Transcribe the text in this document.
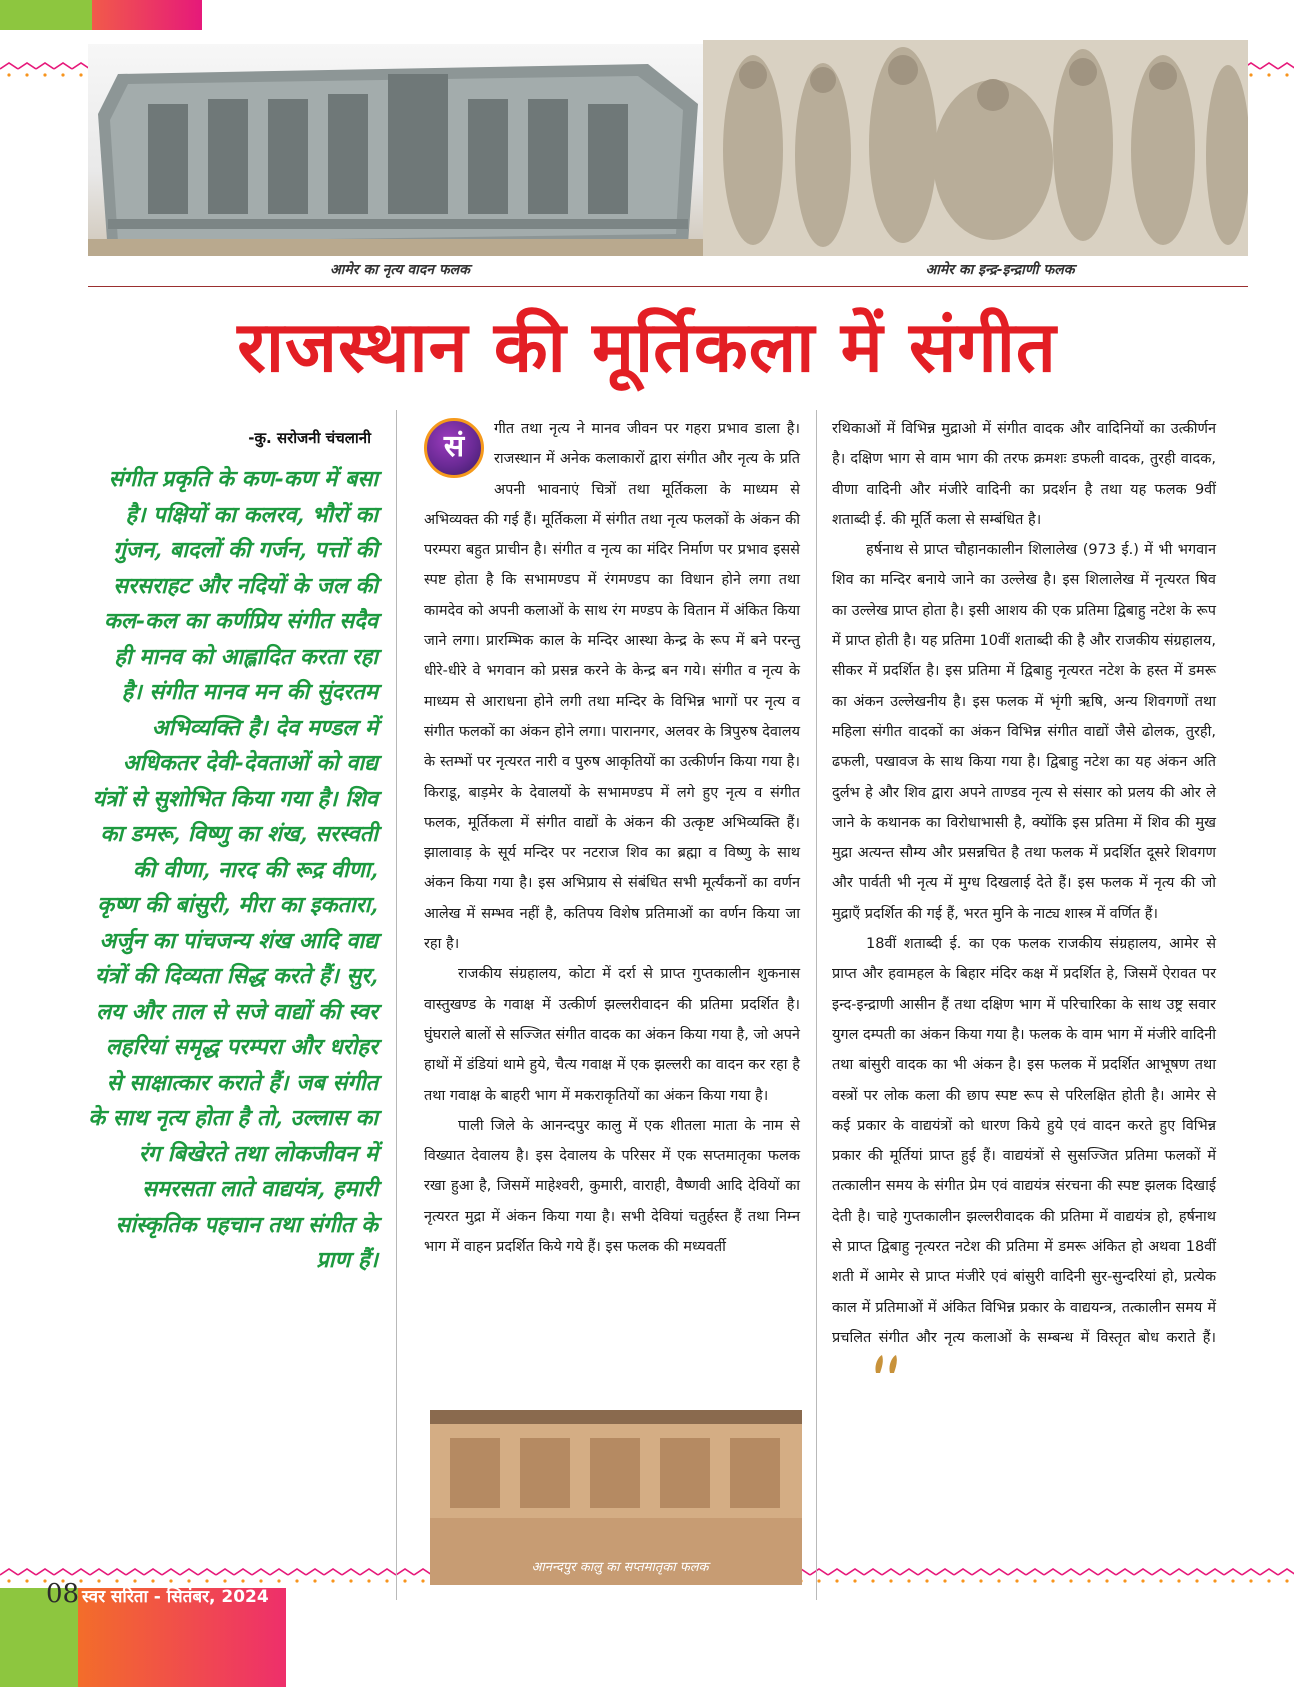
आमेर का नृत्य वादन फलक	आमेर का इन्द्र-इन्द्राणी फलक
राजस्थान की मूर्तिकला में संगीत
-कु. सरोजनी चंचलानी
संगीत प्रकृति के कण-कण में बसा है। पक्षियों का कलरव, भौरों का गुंजन, बादलों की गर्जन, पत्तों की सरसराहट और नदियों के जल की कल-कल का कर्णप्रिय संगीत सदैव ही मानव को आह्लादित करता रहा है। संगीत मानव मन की सुंदरतम अभिव्यक्ति है। देव मण्डल में अधिकतर देवी-देवताओं को वाद्य यंत्रों से सुशोभित किया गया है। शिव का डमरू, विष्णु का शंख, सरस्वती की वीणा, नारद की रूद्र वीणा, कृष्ण की बांसुरी, मीरा का इकतारा, अर्जुन का पांचजन्य शंख आदि वाद्य यंत्रों की दिव्यता सिद्ध करते हैं। सुर, लय और ताल से सजे वाद्यों की स्वर लहरियां समृद्ध परम्परा और धरोहर से साक्षात्कार कराते हैं। जब संगीत के साथ नृत्य होता है तो, उल्लास का रंग बिखेरते तथा लोकजीवन में समरसता लाते वाद्ययंत्र, हमारी सांस्कृतिक पहचान तथा संगीत के प्राण हैं।
सं	गीत तथा नृत्य ने मानव जीवन पर गहरा प्रभाव डाला है। राजस्थान में अनेक कलाकारों द्वारा संगीत और नृत्य के प्रति अपनी भावनाएं चित्रों तथा मूर्तिकला के माध्यम से अभिव्यक्त की गई हैं। मूर्तिकला में संगीत तथा नृत्य फलकों के अंकन की परम्परा बहुत प्राचीन है। संगीत व नृत्य का मंदिर निर्माण पर प्रभाव इससे स्पष्ट होता है कि सभामण्डप में रंगमण्डप का विधान होने लगा तथा कामदेव को अपनी कलाओं के साथ रंग मण्डप के वितान में अंकित किया जाने लगा। प्रारम्भिक काल के मन्दिर आस्था केन्द्र के रूप में बने परन्तु धीरे-धीरे वे भगवान को प्रसन्न करने के केन्द्र बन गये। संगीत व नृत्य के माध्यम से आराधना होने लगी तथा मन्दिर के विभिन्न भागों पर नृत्य व संगीत फलकों का अंकन होने लगा। पारानगर, अलवर के त्रिपुरुष देवालय के स्तम्भों पर नृत्यरत नारी व पुरुष आकृतियों का उत्कीर्णन किया गया है। किराडू, बाड़मेर के देवालयों के सभामण्डप में लगे हुए नृत्य व संगीत फलक, मूर्तिकला में संगीत वाद्यों के अंकन की उत्कृष्ट अभिव्यक्ति हैं। झालावाड़ के सूर्य मन्दिर पर नटराज शिव का ब्रह्मा व विष्णु के साथ अंकन किया गया है। इस अभिप्राय से संबंधित सभी मूर्त्यंकनों का वर्णन आलेख में सम्भव नहीं है, कतिपय विशेष प्रतिमाओं का वर्णन किया जा रहा है।

राजकीय संग्रहालय, कोटा में दर्रा से प्राप्त गुप्तकालीन शुकनास वास्तुखण्ड के गवाक्ष में उत्कीर्ण झल्लरीवादन की प्रतिमा प्रदर्शित है। घुंघराले बालों से सज्जित संगीत वादक का अंकन किया गया है, जो अपने हाथों में डंडियां थामे हुये, चैत्य गवाक्ष में एक झल्लरी का वादन कर रहा है तथा गवाक्ष के बाहरी भाग में मकराकृतियों का अंकन किया गया है।

पाली जिले के आनन्दपुर कालु में एक शीतला माता के नाम से विख्यात देवालय है। इस देवालय के परिसर में एक सप्तमातृका फलक रखा हुआ है, जिसमें माहेश्वरी, कुमारी, वाराही, वैष्णवी आदि देवियों का नृत्यरत मुद्रा में अंकन किया गया है। सभी देवियां चतुर्हस्त हैं तथा निम्न भाग में वाहन प्रदर्शित किये गये हैं। इस फलक की मध्यवर्ती

रथिकाओं में विभिन्न मुद्राओ में संगीत वादक और वादिनियों का उत्कीर्णन है। दक्षिण भाग से वाम भाग की तरफ क्रमशः डफली वादक, तुरही वादक, वीणा वादिनी और मंजीरे वादिनी का प्रदर्शन है तथा यह फलक 9वीं शताब्दी ई. की मूर्ति कला से सम्बंधित है।

हर्षनाथ से प्राप्त चौहानकालीन शिलालेख (973 ई.) में भी भगवान शिव का मन्दिर बनाये जाने का उल्लेख है। इस शिलालेख में नृत्यरत षिव का उल्लेख प्राप्त होता है। इसी आशय की एक प्रतिमा द्विबाहु नटेश के रूप में प्राप्त होती है। यह प्रतिमा 10वीं शताब्दी की है और राजकीय संग्रहालय, सीकर में प्रदर्शित है। इस प्रतिमा में द्विबाहु नृत्यरत नटेश के हस्त में डमरू का अंकन उल्लेखनीय है। इस फलक में भृंगी ऋषि, अन्य शिवगणों तथा महिला संगीत वादकों का अंकन विभिन्न संगीत वाद्यों जैसे ढोलक, तुरही, ढफली, पखावज के साथ किया गया है। द्विबाहु नटेश का यह अंकन अति दुर्लभ हे और शिव द्वारा अपने ताण्डव नृत्य से संसार को प्रलय की ओर ले जाने के कथानक का विरोधाभासी है, क्योंकि इस प्रतिमा में शिव की मुख मुद्रा अत्यन्त सौम्य और प्रसन्नचित है तथा फलक में प्रदर्शित दूसरे शिवगण और पार्वती भी नृत्य में मुग्ध दिखलाई देते हैं। इस फलक में नृत्य की जो मुद्राएँ प्रदर्शित की गई हैं, भरत मुनि के नाट्य शास्त्र में वर्णित हैं।

18वीं शताब्दी ई. का एक फलक राजकीय संग्रहालय, आमेर से प्राप्त और हवामहल के बिहार मंदिर कक्ष में प्रदर्शित हे, जिसमें ऐरावत पर इन्द-इन्द्राणी आसीन हैं तथा दक्षिण भाग में परिचारिका के साथ उष्ट्र सवार युगल दम्पती का अंकन किया गया है। फलक के वाम भाग में मंजीरे वादिनी तथा बांसुरी वादक का भी अंकन है। इस फलक में प्रदर्शित आभूषण तथा वस्त्रों पर लोक कला की छाप स्पष्ट रूप से परिलक्षित होती है। आमेर से कई प्रकार के वाद्ययंत्रों को धारण किये हुये एवं वादन करते हुए विभिन्न प्रकार की मूर्तियां प्राप्त हुई हैं। वाद्ययंत्रों से सुसज्जित प्रतिमा फलकों में तत्कालीन समय के संगीत प्रेम एवं वाद्ययंत्र संरचना की स्पष्ट झलक दिखाई देती है। चाहे गुप्तकालीन झल्लरीवादक की प्रतिमा में वाद्ययंत्र हो, हर्षनाथ से प्राप्त द्विबाहु नृत्यरत नटेश की प्रतिमा में डमरू अंकित हो अथवा 18वीं शती में आमेर से प्राप्त मंजीरे एवं बांसुरी वादिनी सुर-सुन्दरियां हो, प्रत्येक काल में प्रतिमाओं में अंकित विभिन्न प्रकार के वाद्ययन्त्र, तत्कालीन समय में प्रचलित संगीत और नृत्य कलाओं के सम्बन्ध में विस्तृत बोध कराते हैं।

आनन्दपुर कालु का सप्तमातृका फलक
08 स्वर सरिता - सितंबर, 2024
